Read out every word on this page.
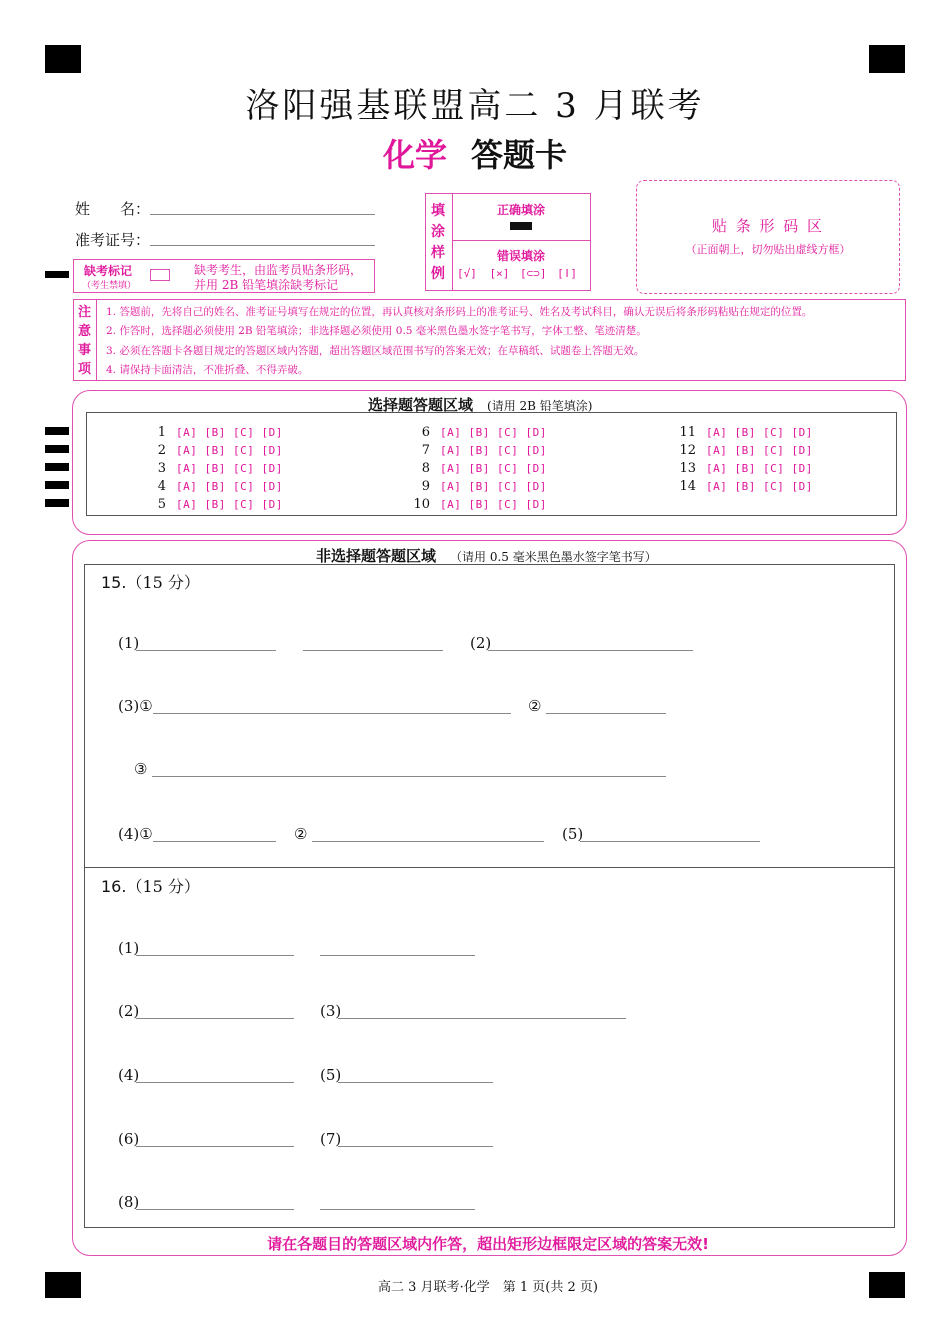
洛阳强基联盟高二 3 月联考
化学 答题卡
姓　　名：
准考证号：
缺考标记
（考生禁填）
缺考考生，由监考员贴条形码，
并用 2B 铅笔填涂缺考标记
填
涂
样
例
正确填涂
错误填涂
[√] [×] [⊂⊃] [ǀ]
贴 条 形 码 区
（正面朝上，切勿贴出虚线方框）
注
意
事
项
1. 答题前，先将自己的姓名、准考证号填写在规定的位置，再认真核对条形码上的准考证号、姓名及考试科目，确认无误后将条形码粘贴在规定的位置。
2. 作答时，选择题必须使用 2B 铅笔填涂；非选择题必须使用 0.5 毫米黑色墨水签字笔书写，字体工整、笔迹清楚。
3. 必须在答题卡各题目规定的答题区域内答题，超出答题区域范围书写的答案无效；在草稿纸、试题卷上答题无效。
4. 请保持卡面清洁，不准折叠、不得弄破。
选择题答题区域 (请用 2B 铅笔填涂)
1 [A] [B] [C] [D]
2 [A] [B] [C] [D]
3 [A] [B] [C] [D]
4 [A] [B] [C] [D]
5 [A] [B] [C] [D]
6 [A] [B] [C] [D]
7 [A] [B] [C] [D]
8 [A] [B] [C] [D]
9 [A] [B] [C] [D]
10 [A] [B] [C] [D]
11 [A] [B] [C] [D]
12 [A] [B] [C] [D]
13 [A] [B] [C] [D]
14 [A] [B] [C] [D]
非选择题答题区域 （请用 0.5 毫米黑色墨水签字笔书写）
15.（15 分）
(1)	(2)
(3)①	②
③
(4)①	②	(5)
16.（15 分）
(1)
(2)	(3)
(4)	(5)
(6)	(7)
(8)
请在各题目的答题区域内作答，超出矩形边框限定区域的答案无效!
高二 3 月联考·化学　第 1 页(共 2 页)
